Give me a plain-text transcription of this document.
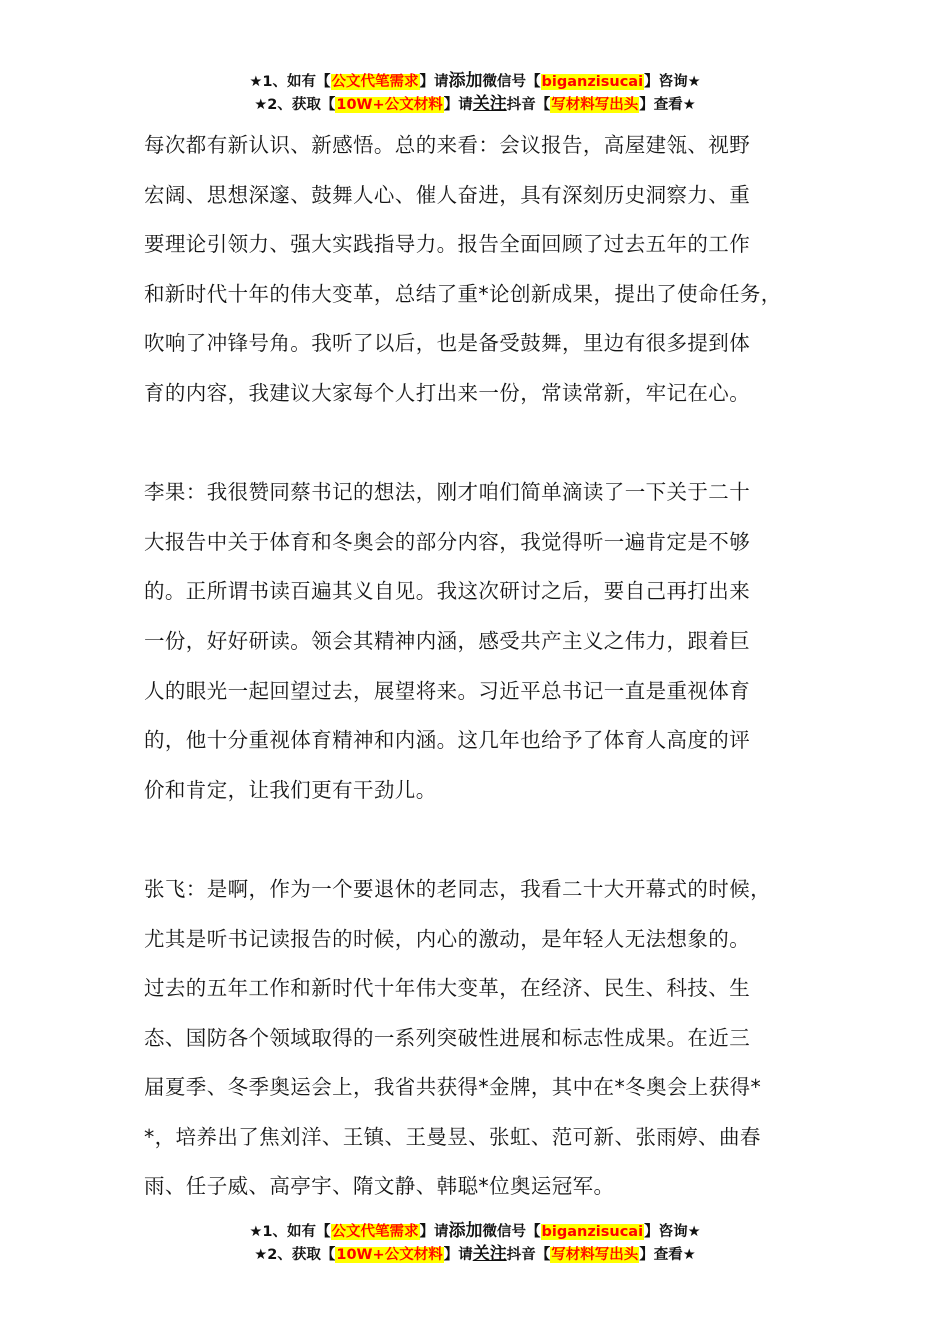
★1、如有【公文代笔需求】请添加微信号【biganzisucai】咨询★
★2、获取【10W+公文材料】请关注抖音【写材料写出头】查看★

每次都有新认识、新感悟。总的来看：会议报告，高屋建瓴、视野
宏阔、思想深邃、鼓舞人心、催人奋进，具有深刻历史洞察力、重
要理论引领力、强大实践指导力。报告全面回顾了过去五年的工作
和新时代十年的伟大变革，总结了重*论创新成果，提出了使命任务，
吹响了冲锋号角。我听了以后，也是备受鼓舞，里边有很多提到体
育的内容，我建议大家每个人打出来一份，常读常新，牢记在心。

李果：我很赞同蔡书记的想法，刚才咱们简单滴读了一下关于二十
大报告中关于体育和冬奥会的部分内容，我觉得听一遍肯定是不够
的。正所谓书读百遍其义自见。我这次研讨之后，要自己再打出来
一份，好好研读。领会其精神内涵，感受共产主义之伟力，跟着巨
人的眼光一起回望过去，展望将来。习近平总书记一直是重视体育
的，他十分重视体育精神和内涵。这几年也给予了体育人高度的评
价和肯定，让我们更有干劲儿。

张飞：是啊，作为一个要退休的老同志，我看二十大开幕式的时候，
尤其是听书记读报告的时候，内心的激动，是年轻人无法想象的。
过去的五年工作和新时代十年伟大变革，在经济、民生、科技、生
态、国防各个领域取得的一系列突破性进展和标志性成果。在近三
届夏季、冬季奥运会上，我省共获得*金牌，其中在*冬奥会上获得*
*，培养出了焦刘洋、王镇、王曼昱、张虹、范可新、张雨婷、曲春
雨、任子威、高亭宇、隋文静、韩聪*位奥运冠军。

★1、如有【公文代笔需求】请添加微信号【biganzisucai】咨询★
★2、获取【10W+公文材料】请关注抖音【写材料写出头】查看★
